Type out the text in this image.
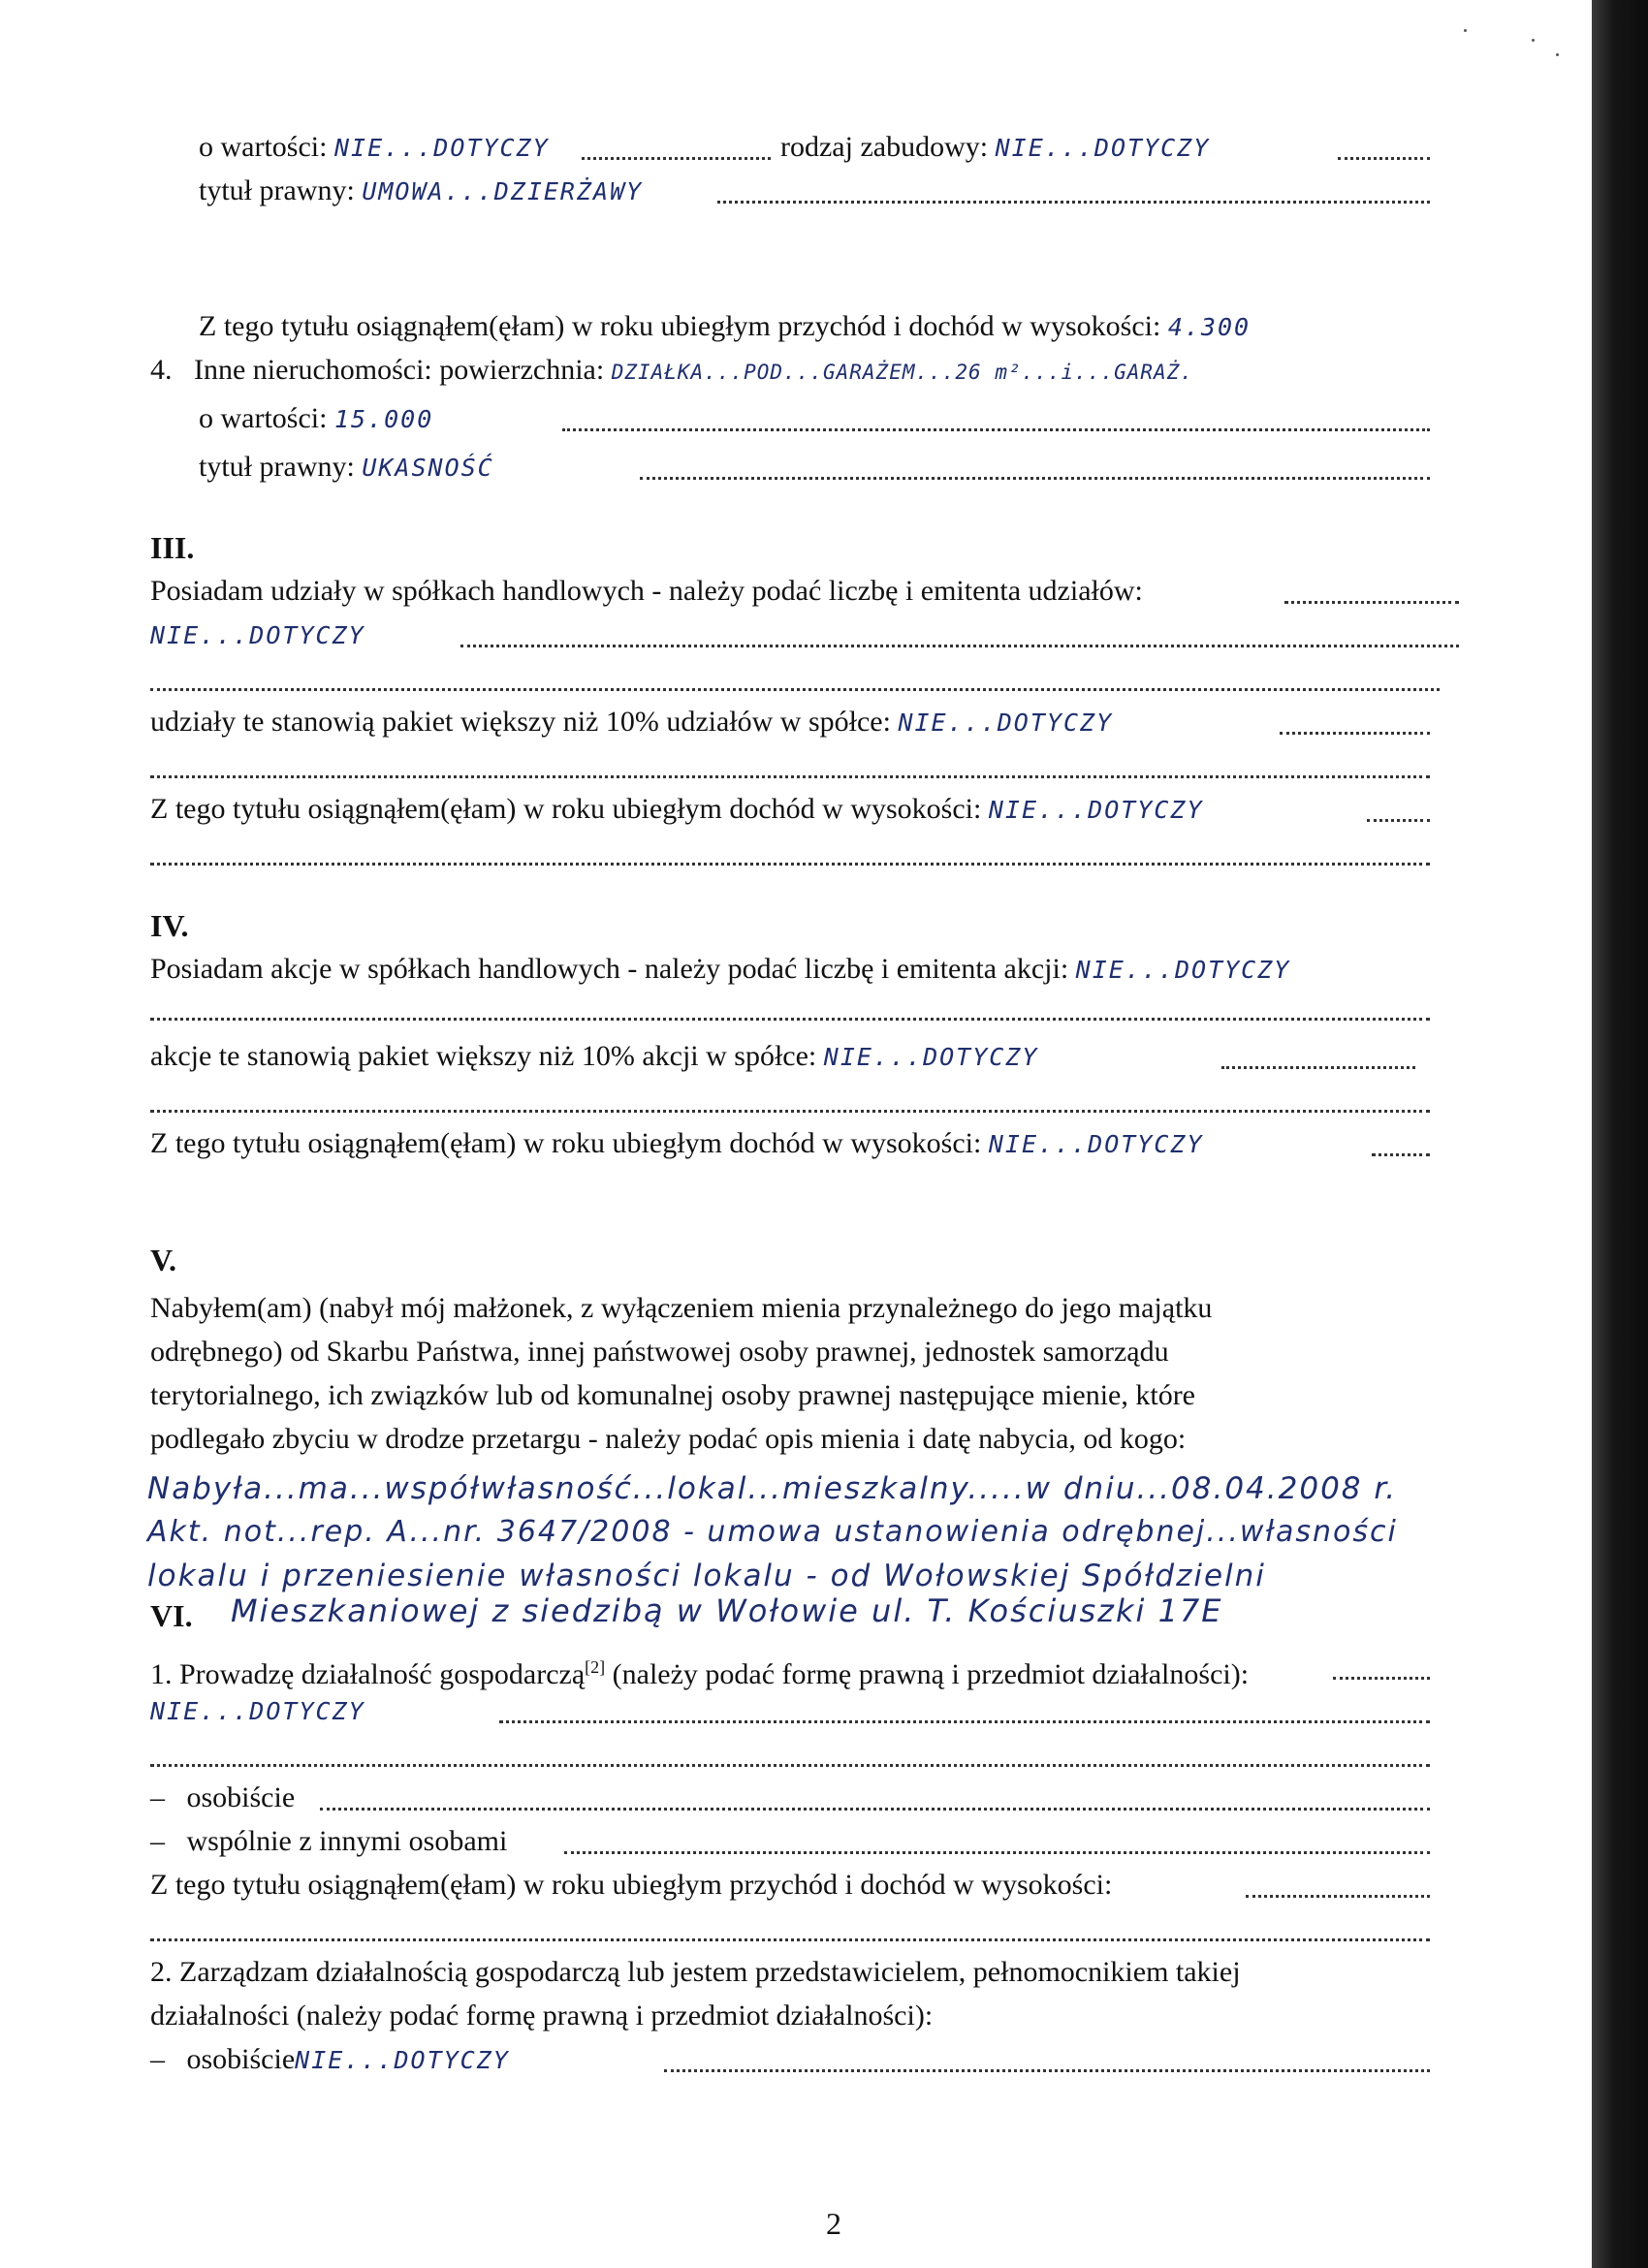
o wartości: NIE...DOTYCZY	rodzaj zabudowy: NIE...DOTYCZY
tytuł prawny: UMOWA...DZIERŻAWY
Z tego tytułu osiągnąłem(ęłam) w roku ubiegłym przychód i dochód w wysokości: 4.300
4. Inne nieruchomości: powierzchnia: DZIAŁKA...POD...GARAŻEM...26 m²...i...GARAŻ.
o wartości: 15.000
tytuł prawny: UKASNOŚĆ
III.
Posiadam udziały w spółkach handlowych - należy podać liczbę i emitenta udziałów:
NIE...DOTYCZY
udziały te stanowią pakiet większy niż 10% udziałów w spółce: NIE...DOTYCZY
Z tego tytułu osiągnąłem(ęłam) w roku ubiegłym dochód w wysokości: NIE...DOTYCZY
IV.
Posiadam akcje w spółkach handlowych - należy podać liczbę i emitenta akcji: NIE...DOTYCZY
akcje te stanowią pakiet większy niż 10% akcji w spółce: NIE...DOTYCZY
Z tego tytułu osiągnąłem(ęłam) w roku ubiegłym dochód w wysokości: NIE...DOTYCZY
V.
Nabyłem(am) (nabył mój małżonek, z wyłączeniem mienia przynależnego do jego majątku
odrębnego) od Skarbu Państwa, innej państwowej osoby prawnej, jednostek samorządu
terytorialnego, ich związków lub od komunalnej osoby prawnej następujące mienie, które
podlegało zbyciu w drodze przetargu - należy podać opis mienia i datę nabycia, od kogo:
Nabyła...ma...współwłasność...lokal...mieszkalny.....w dniu...08.04.2008 r.
Akt. not...rep. A...nr. 3647/2008 - umowa ustanowienia odrębnej...własności
lokalu i przeniesienie własności lokalu - od Wołowskiej Spółdzielni
VI. Mieszkaniowej z siedzibą w Wołowie ul. T. Kościuszki 17E
1. Prowadzę działalność gospodarczą[2] (należy podać formę prawną i przedmiot działalności):
NIE...DOTYCZY
– osobiście
– wspólnie z innymi osobami
Z tego tytułu osiągnąłem(ęłam) w roku ubiegłym przychód i dochód w wysokości:
2. Zarządzam działalnością gospodarczą lub jestem przedstawicielem, pełnomocnikiem takiej
działalności (należy podać formę prawną i przedmiot działalności):
– osobiścieNIE...DOTYCZY
2
